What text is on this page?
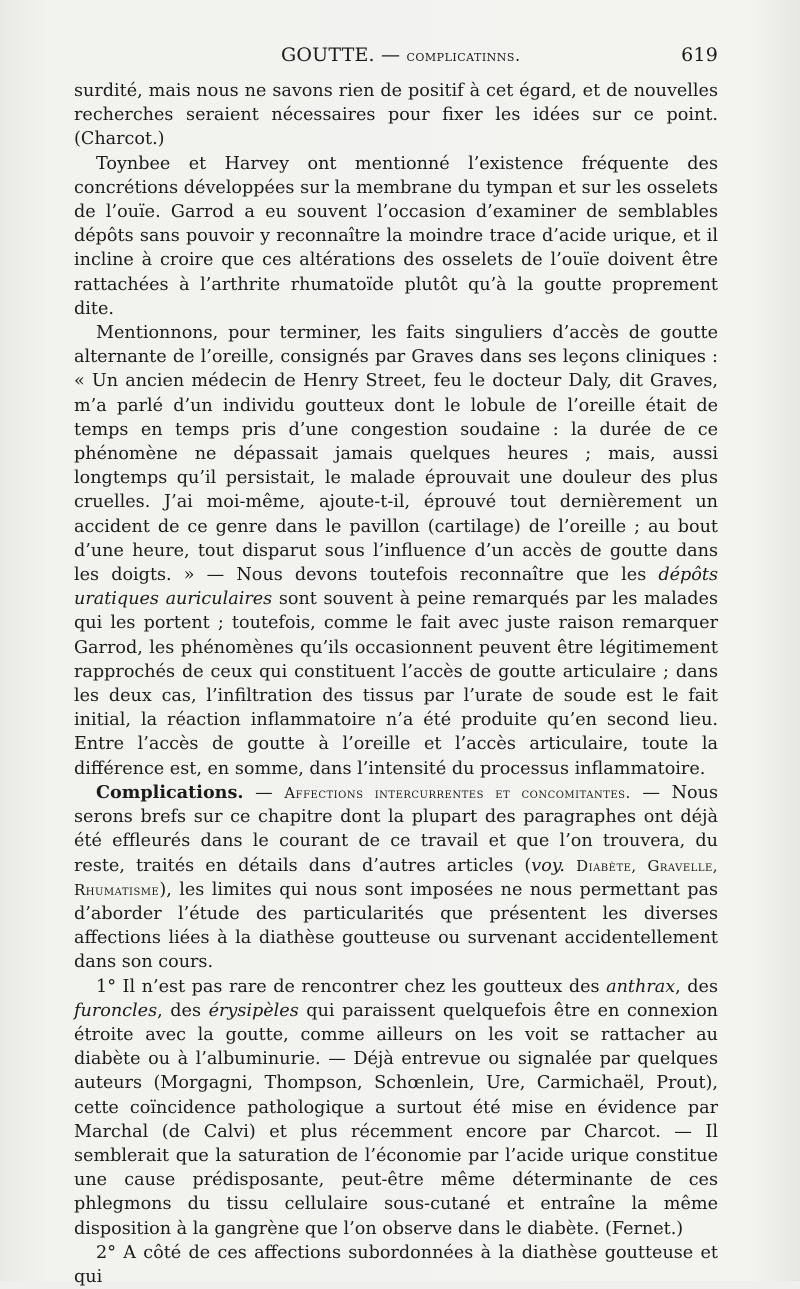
GOUTTE. — complicatinns.	619

surdité, mais nous ne savons rien de positif à cet égard, et de nouvelles recherches seraient nécessaires pour fixer les idées sur ce point. (Charcot.)

Toynbee et Harvey ont mentionné l’existence fréquente des concrétions développées sur la membrane du tympan et sur les osselets de l’ouïe. Garrod a eu souvent l’occasion d’examiner de semblables dépôts sans pouvoir y reconnaître la moindre trace d’acide urique, et il incline à croire que ces altérations des osselets de l’ouïe doivent être rattachées à l’arthrite rhumatoïde plutôt qu’à la goutte proprement dite.

Mentionnons, pour terminer, les faits singuliers d’accès de goutte alternante de l’oreille, consignés par Graves dans ses leçons cliniques : « Un ancien médecin de Henry Street, feu le docteur Daly, dit Graves, m’a parlé d’un individu goutteux dont le lobule de l’oreille était de temps en temps pris d’une congestion soudaine : la durée de ce phénomène ne dépassait jamais quelques heures ; mais, aussi longtemps qu’il persistait, le malade éprouvait une douleur des plus cruelles. J’ai moi-même, ajoute-t-il, éprouvé tout dernièrement un accident de ce genre dans le pavillon (cartilage) de l’oreille ; au bout d’une heure, tout disparut sous l’influence d’un accès de goutte dans les doigts. » — Nous devons toutefois reconnaître que les dépôts uratiques auriculaires sont souvent à peine remarqués par les malades qui les portent ; toutefois, comme le fait avec juste raison remarquer Garrod, les phénomènes qu’ils occasionnent peuvent être légitimement rapprochés de ceux qui constituent l’accès de goutte articulaire ; dans les deux cas, l’infiltration des tissus par l’urate de soude est le fait initial, la réaction inflammatoire n’a été produite qu’en second lieu. Entre l’accès de goutte à l’oreille et l’accès articulaire, toute la différence est, en somme, dans l’intensité du processus inflammatoire.

Complications. — Affections intercurrentes et concomitantes. — Nous serons brefs sur ce chapitre dont la plupart des paragraphes ont déjà été effleurés dans le courant de ce travail et que l’on trouvera, du reste, traités en détails dans d’autres articles (voy. Diabète, Gravelle, Rhumatisme), les limites qui nous sont imposées ne nous permettant pas d’aborder l’étude des particularités que présentent les diverses affections liées à la diathèse goutteuse ou survenant accidentellement dans son cours.

1° Il n’est pas rare de rencontrer chez les goutteux des anthrax, des furoncles, des érysipèles qui paraissent quelquefois être en connexion étroite avec la goutte, comme ailleurs on les voit se rattacher au diabète ou à l’albuminurie. — Déjà entrevue ou signalée par quelques auteurs (Morgagni, Thompson, Schœnlein, Ure, Carmichaël, Prout), cette coïncidence pathologique a surtout été mise en évidence par Marchal (de Calvi) et plus récemment encore par Charcot. — Il semblerait que la saturation de l’économie par l’acide urique constitue une cause prédisposante, peut-être même déterminante de ces phlegmons du tissu cellulaire sous-cutané et entraîne la même disposition à la gangrène que l’on observe dans le diabète. (Fernet.)

2° A côté de ces affections subordonnées à la diathèse goutteuse et qui
